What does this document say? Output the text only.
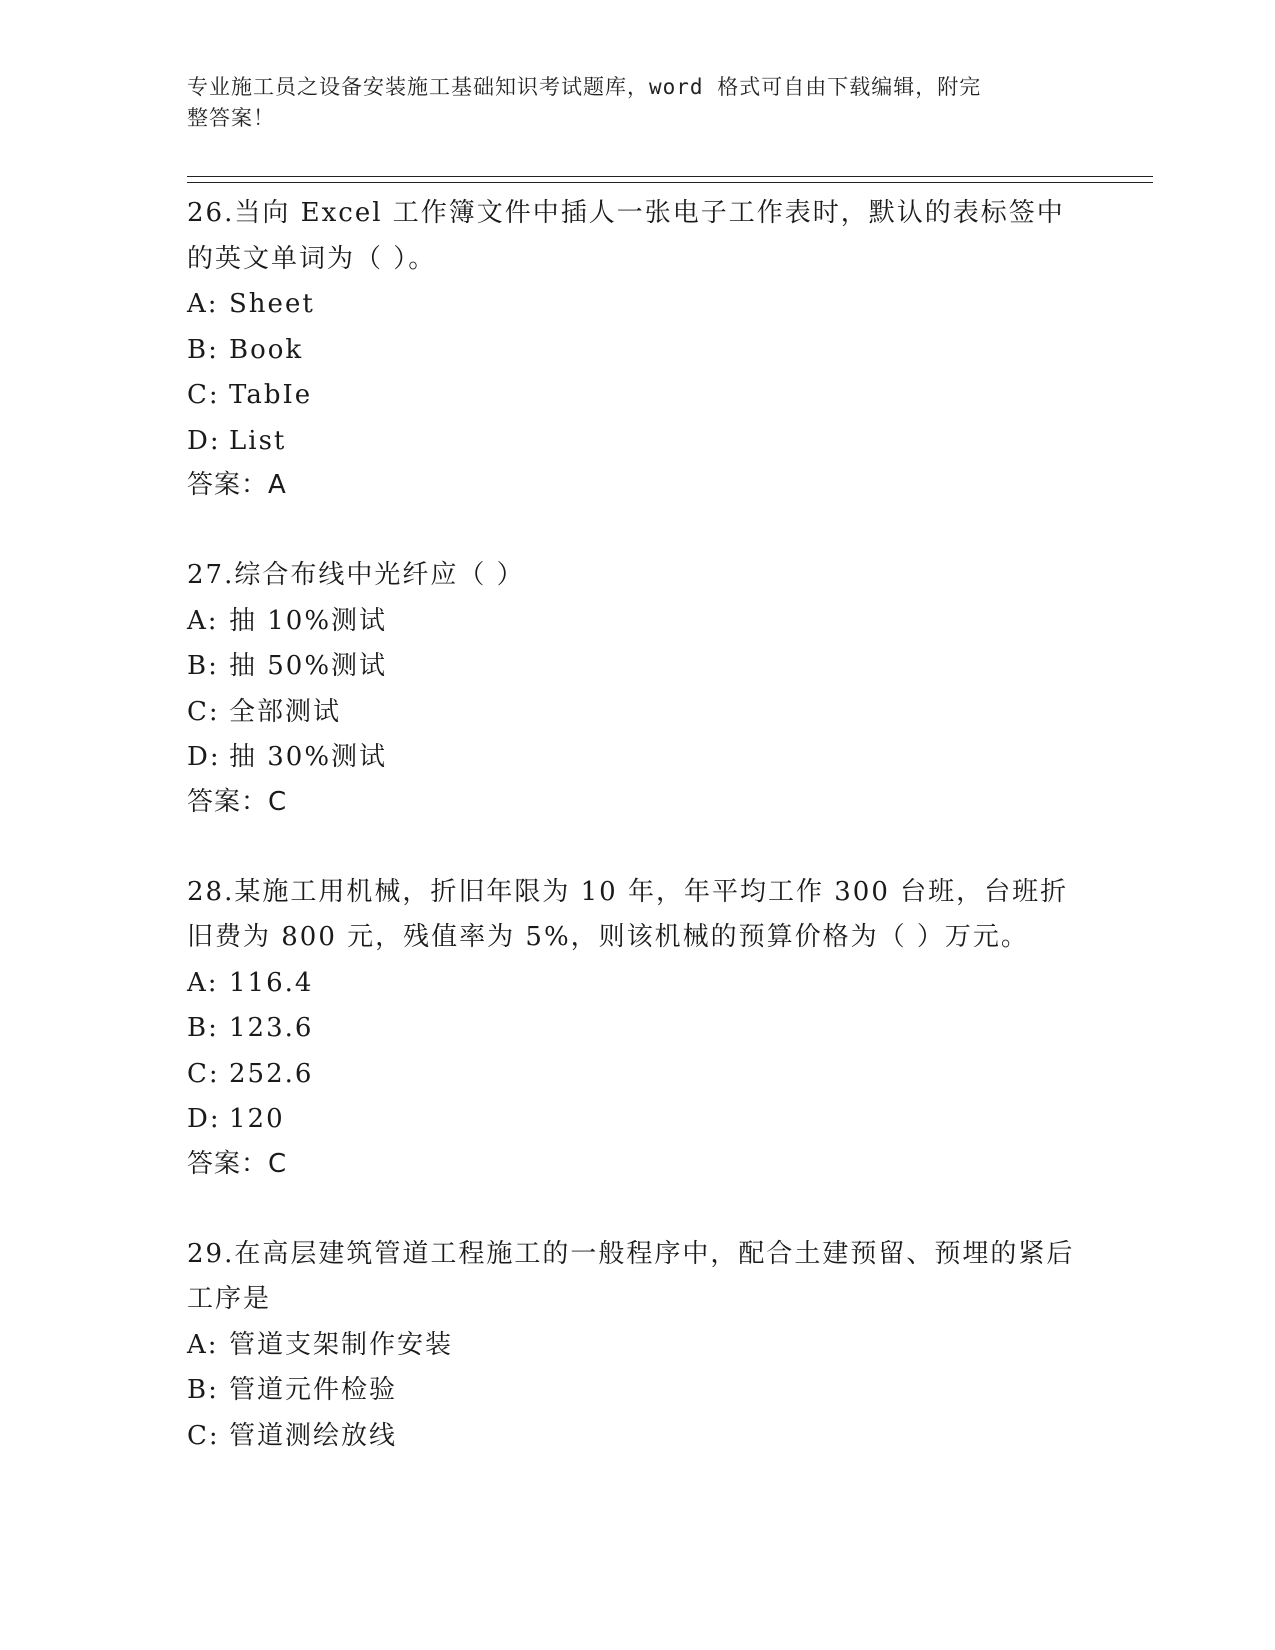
专业施工员之设备安装施工基础知识考试题库，word 格式可自由下载编辑，附完
整答案！

26.当向 Excel 工作簿文件中插人一张电子工作表时，默认的表标签中的英文单词为（ ）。

A: Sheet
B: Book
C: TabIe
D: List
答案：A

27.综合布线中光纤应（ ）

A: 抽 10%测试
B: 抽 50%测试
C: 全部测试
D: 抽 30%测试
答案：C

28.某施工用机械，折旧年限为 10 年，年平均工作 300 台班，台班折旧费为 800 元，残值率为 5%，则该机械的预算价格为（ ）万元。

A: 116.4
B: 123.6
C: 252.6
D: 120
答案：C

29.在高层建筑管道工程施工的一般程序中，配合土建预留、预埋的紧后工序是

A: 管道支架制作安装
B: 管道元件检验
C: 管道测绘放线
